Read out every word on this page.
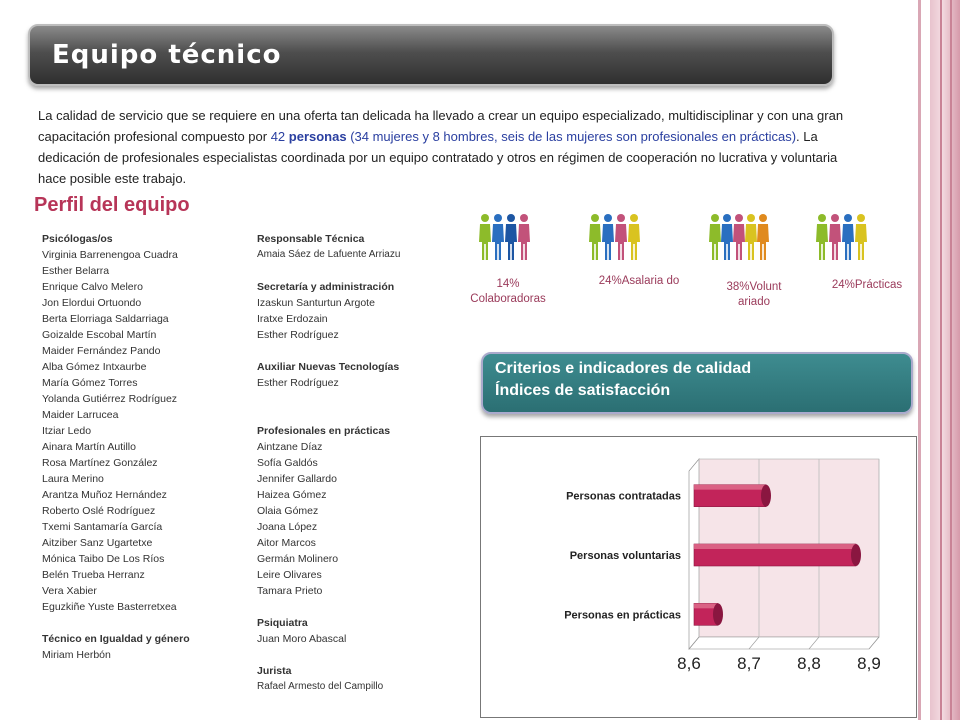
Equipo técnico
La calidad de servicio que se requiere en una oferta tan delicada ha llevado a crear un equipo especializado, multidisciplinar y con una gran capacitación profesional compuesto por 42 personas (34 mujeres y 8 hombres, seis de las mujeres son profesionales en prácticas). La dedicación de profesionales especialistas coordinada por un equipo contratado y otros en régimen de cooperación no lucrativa y voluntaria hace posible este trabajo.
Perfil del equipo
Psicólogas/os
Virginia Barrenengoa Cuadra
Esther Belarra
Enrique Calvo Melero
Jon Elordui Ortuondo
Berta Elorriaga Saldarriaga
Goizalde Escobal Martín
Maider Fernández Pando
Alba Gómez Intxaurbe
María Gómez Torres
Yolanda Gutiérrez Rodríguez
Maider Larrucea
Itziar Ledo
Ainara Martín Autillo
Rosa Martínez González
Laura Merino
Arantza Muñoz Hernández
Roberto Oslé Rodríguez
Txemi Santamaría García
Aitziber Sanz Ugartetxe
Mónica Taibo De Los Ríos
Belén Trueba Herranz
Vera Xabier
Eguzkiñe Yuste Basterretxea
Técnico en Igualdad y género
Miriam Herbón
Responsable Técnica
Amaia Sáez de Lafuente Arriazu
Secretaría y administración
Izaskun Santurtun Argote
Iratxe Erdozain
Esther Rodríguez
Auxiliar Nuevas Tecnologías
Esther Rodríguez
Profesionales en prácticas
Aintzane Díaz
Sofía Galdós
Jennifer Gallardo
Haizea Gómez
Olaia Gómez
Joana López
Aitor Marcos
Germán Molinero
Leire Olivares
Tamara Prieto
Psiquiatra
Juan Moro Abascal
Jurista
Rafael Armesto del Campillo
14% Colaboradoras
24%Asalaria do	38%Volunt ariado
24%Prácticas
Criterios e indicadores de calidad
Índices de satisfacción
8,6 8,7 8,8 8,9
Personas contratadas
Personas voluntarias
Personas en prácticas
